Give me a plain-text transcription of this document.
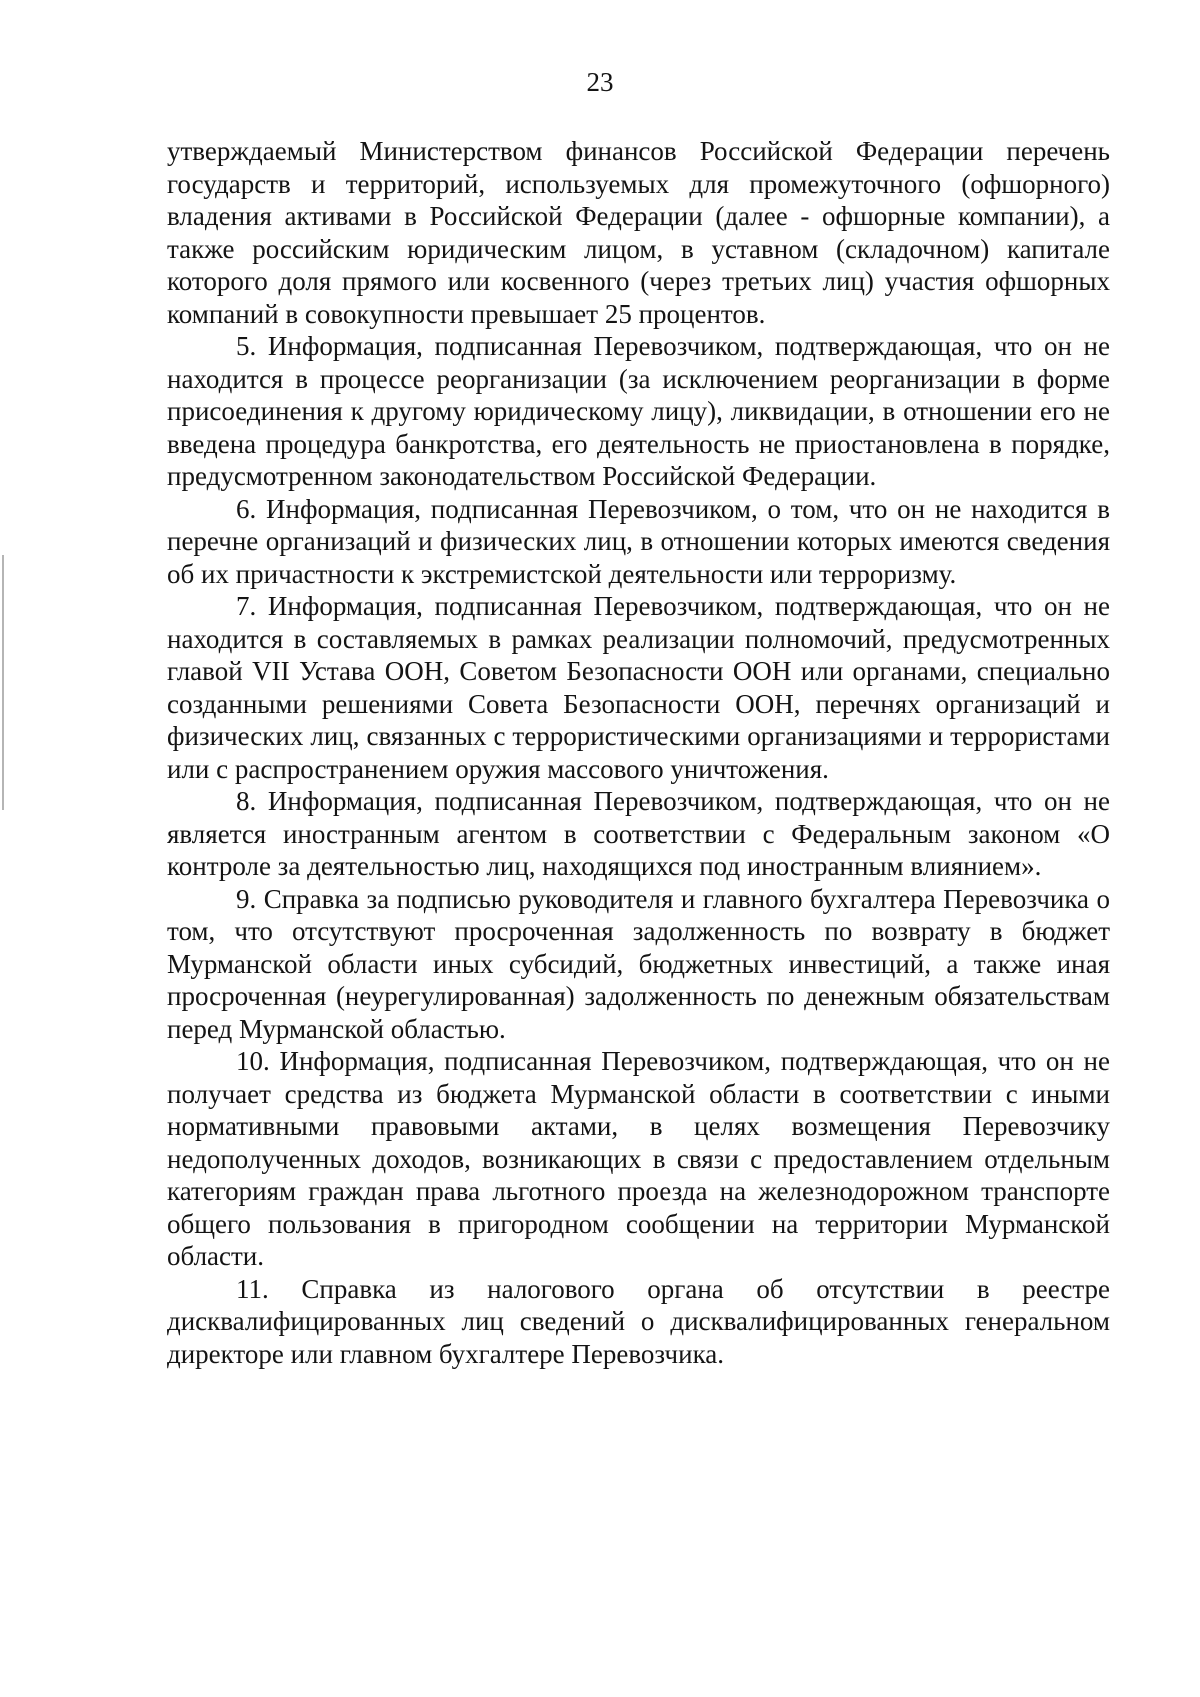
23

утверждаемый Министерством финансов Российской Федерации перечень государств и территорий, используемых для промежуточного (офшорного) владения активами в Российской Федерации (далее - офшорные компании), а также российским юридическим лицом, в уставном (складочном) капитале которого доля прямого или косвенного (через третьих лиц) участия офшорных компаний в совокупности превышает 25 процентов.

5. Информация, подписанная Перевозчиком, подтверждающая, что он не находится в процессе реорганизации (за исключением реорганизации в форме присоединения к другому юридическому лицу), ликвидации, в отношении его не введена процедура банкротства, его деятельность не приостановлена в порядке, предусмотренном законодательством Российской Федерации.

6. Информация, подписанная Перевозчиком, о том, что он не находится в перечне организаций и физических лиц, в отношении которых имеются сведения об их причастности к экстремистской деятельности или терроризму.

7. Информация, подписанная Перевозчиком, подтверждающая, что он не находится в составляемых в рамках реализации полномочий, предусмотренных главой VII Устава ООН, Советом Безопасности ООН или органами, специально созданными решениями Совета Безопасности ООН, перечнях организаций и физических лиц, связанных с террористическими организациями и террористами или с распространением оружия массового уничтожения.

8. Информация, подписанная Перевозчиком, подтверждающая, что он не является иностранным агентом в соответствии с Федеральным законом «О контроле за деятельностью лиц, находящихся под иностранным влиянием».

9. Справка за подписью руководителя и главного бухгалтера Перевозчика о том, что отсутствуют просроченная задолженность по возврату в бюджет Мурманской области иных субсидий, бюджетных инвестиций, а также иная просроченная (неурегулированная) задолженность по денежным обязательствам перед Мурманской областью.

10. Информация, подписанная Перевозчиком, подтверждающая, что он не получает средства из бюджета Мурманской области в соответствии с иными нормативными правовыми актами, в целях возмещения Перевозчику недополученных доходов, возникающих в связи с предоставлением отдельным категориям граждан права льготного проезда на железнодорожном транспорте общего пользования в пригородном сообщении на территории Мурманской области.

11. Справка из налогового органа об отсутствии в реестре дисквалифицированных лиц сведений о дисквалифицированных генеральном директоре или главном бухгалтере Перевозчика.
